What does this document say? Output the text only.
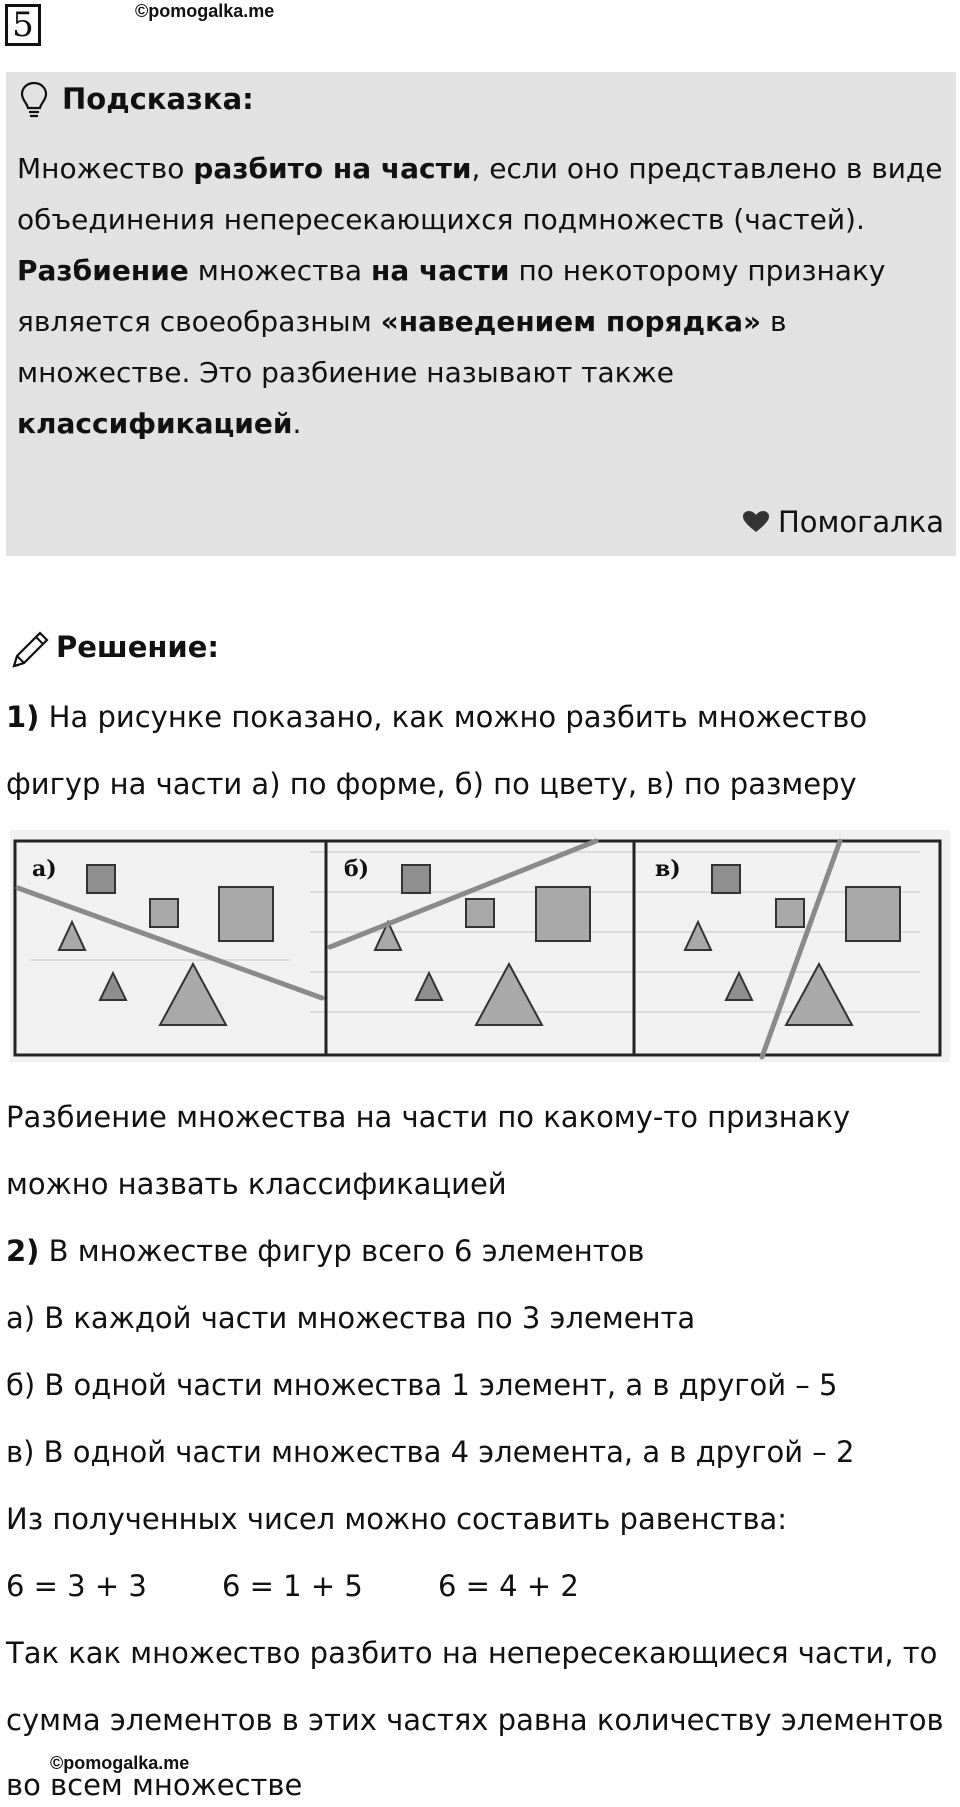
5	©pomogalka.me
Подсказка:
Множество разбито на части, если оно представлено в виде объединения непересекающихся подмножеств (частей).
Разбиение множества на части по некоторому признаку является своеобразным «наведением порядка» в множестве. Это разбиение называют также классификацией.
Помогалка
Решение:
1) На рисунке показано, как можно разбить множество
фигур на части а) по форме, б) по цвету, в) по размеру
а)	б)	в)
Разбиение множества на части по какому-то признаку
можно назвать классификацией
2) В множестве фигур всего 6 элементов
а) В каждой части множества по 3 элемента
б) В одной части множества 1 элемент, а в другой – 5
в) В одной части множества 4 элемента, а в другой – 2
Из полученных чисел можно составить равенства:
6 = 3 + 3	6 = 1 + 5	6 = 4 + 2
Так как множество разбито на непересекающиеся части, то
сумма элементов в этих частях равна количеству элементов
©pomogalka.me
во всем множестве
